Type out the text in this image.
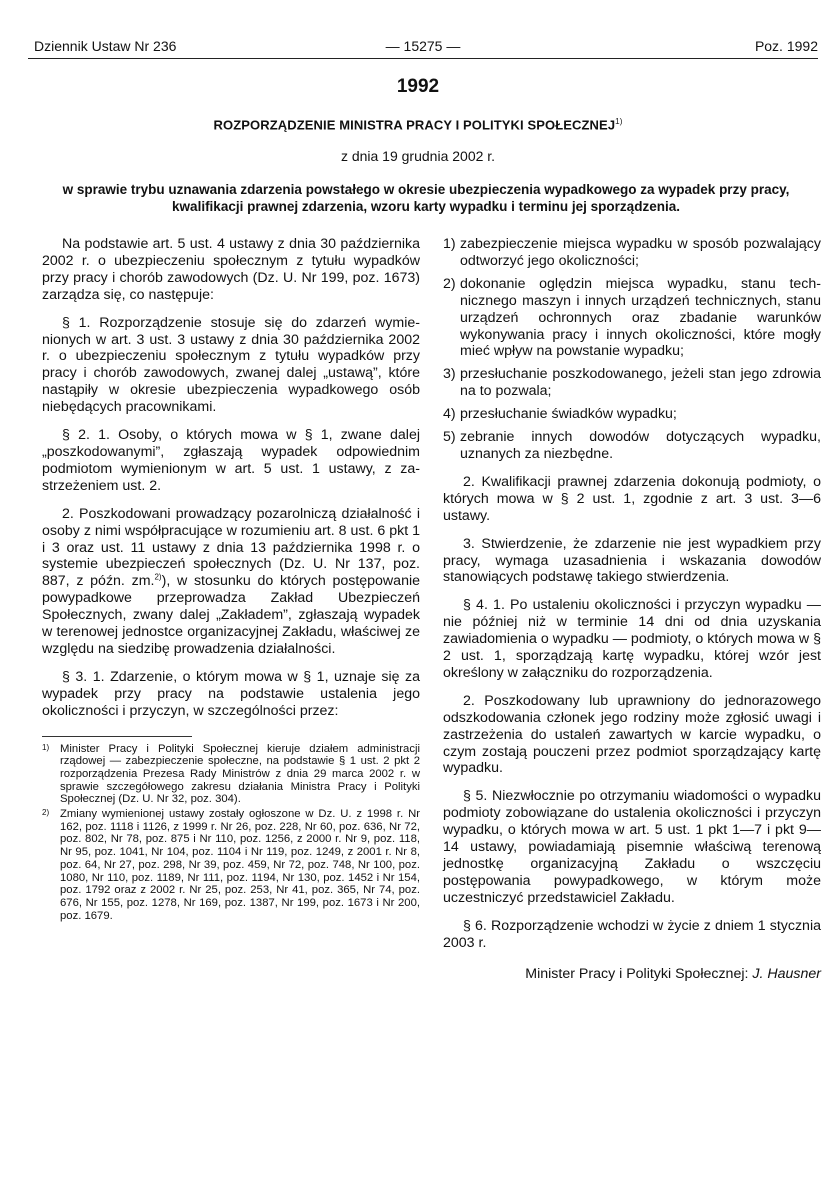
Dziennik Ustaw Nr 236	— 15275 —	Poz. 1992
1992
ROZPORZĄDZENIE MINISTRA PRACY I POLITYKI SPOŁECZNEJ$^{1)}$
z dnia 19 grudnia 2002 r.
w sprawie trybu uznawania zdarzenia powstałego w okresie ubezpieczenia wypadkowego za wypadek przy pracy, kwalifikacji prawnej zdarzenia, wzoru karty wypadku i terminu jej sporządzenia.

Na podstawie art. 5 ust. 4 ustawy z dnia 30 października 2002 r. o ubezpieczeniu społecznym z tytułu wypadków przy pracy i chorób zawodowych (Dz. U. Nr 199, poz. 1673) zarządza się, co następuje:

§ 1. Rozporządzenie stosuje się do zdarzeń wymienionych w art. 3 ust. 3 ustawy z dnia 30 października 2002 r. o ubezpieczeniu społecznym z tytułu wypadków przy pracy i chorób zawodowych, zwanej dalej „ustawą”, które nastąpiły w okresie ubezpieczenia wypadkowego osób niebędących pracownikami.

§ 2. 1. Osoby, o których mowa w § 1, zwane dalej „poszkodowanymi”, zgłaszają wypadek odpowiednim podmiotom wymienionym w art. 5 ust. 1 ustawy, z zastrzeżeniem ust. 2.

2. Poszkodowani prowadzący pozarolniczą działalność i osoby z nimi współpracujące w rozumieniu art. 8 ust. 6 pkt 1 i 3 oraz ust. 11 ustawy z dnia 13 października 1998 r. o systemie ubezpieczeń społecznych (Dz. U. Nr 137, poz. 887, z późn. zm.$^{2)}$), w stosunku do których postępowanie powypadkowe przeprowadza Zakład Ubezpieczeń Społecznych, zwany dalej „Zakładem”, zgłaszają wypadek w terenowej jednostce organizacyjnej Zakładu, właściwej ze względu na siedzibę prowadzenia działalności.

§ 3. 1. Zdarzenie, o którym mowa w § 1, uznaje się za wypadek przy pracy na podstawie ustalenia jego okoliczności i przyczyn, w szczególności przez:

1) Minister Pracy i Polityki Społecznej kieruje działem administracji rządowej — zabezpieczenie społeczne, na podstawie § 1 ust. 2 pkt 2 rozporządzenia Prezesa Rady Ministrów z dnia 29 marca 2002 r. w sprawie szczegółowego zakresu działania Ministra Pracy i Polityki Społecznej (Dz. U. Nr 32, poz. 304).
2) Zmiany wymienionej ustawy zostały ogłoszone w Dz. U. z 1998 r. Nr 162, poz. 1118 i 1126, z 1999 r. Nr 26, poz. 228, Nr 60, poz. 636, Nr 72, poz. 802, Nr 78, poz. 875 i Nr 110, poz. 1256, z 2000 r. Nr 9, poz. 118, Nr 95, poz. 1041, Nr 104, poz. 1104 i Nr 119, poz. 1249, z 2001 r. Nr 8, poz. 64, Nr 27, poz. 298, Nr 39, poz. 459, Nr 72, poz. 748, Nr 100, poz. 1080, Nr 110, poz. 1189, Nr 111, poz. 1194, Nr 130, poz. 1452 i Nr 154, poz. 1792 oraz z 2002 r. Nr 25, poz. 253, Nr 41, poz. 365, Nr 74, poz. 676, Nr 155, poz. 1278, Nr 169, poz. 1387, Nr 199, poz. 1673 i Nr 200, poz. 1679.
1) zabezpieczenie miejsca wypadku w sposób pozwalający odtworzyć jego okoliczności;
2) dokonanie oględzin miejsca wypadku, stanu technicznego maszyn i innych urządzeń technicznych, stanu urządzeń ochronnych oraz zbadanie warunków wykonywania pracy i innych okoliczności, które mogły mieć wpływ na powstanie wypadku;
3) przesłuchanie poszkodowanego, jeżeli stan jego zdrowia na to pozwala;
4) przesłuchanie świadków wypadku;
5) zebranie innych dowodów dotyczących wypadku, uznanych za niezbędne.

2. Kwalifikacji prawnej zdarzenia dokonują podmioty, o których mowa w § 2 ust. 1, zgodnie z art. 3 ust. 3—6 ustawy.

3. Stwierdzenie, że zdarzenie nie jest wypadkiem przy pracy, wymaga uzasadnienia i wskazania dowodów stanowiących podstawę takiego stwierdzenia.

§ 4. 1. Po ustaleniu okoliczności i przyczyn wypadku — nie później niż w terminie 14 dni od dnia uzyskania zawiadomienia o wypadku — podmioty, o których mowa w § 2 ust. 1, sporządzają kartę wypadku, której wzór jest określony w załączniku do rozporządzenia.

2. Poszkodowany lub uprawniony do jednorazowego odszkodowania członek jego rodziny może zgłosić uwagi i zastrzeżenia do ustaleń zawartych w karcie wypadku, o czym zostają pouczeni przez podmiot sporządzający kartę wypadku.

§ 5. Niezwłocznie po otrzymaniu wiadomości o wypadku podmioty zobowiązane do ustalenia okoliczności i przyczyn wypadku, o których mowa w art. 5 ust. 1 pkt 1—7 i pkt 9—14 ustawy, powiadamiają pisemnie właściwą terenową jednostkę organizacyjną Zakładu o wszczęciu postępowania powypadkowego, w którym może uczestniczyć przedstawiciel Zakładu.

§ 6. Rozporządzenie wchodzi w życie z dniem 1 stycznia 2003 r.

Minister Pracy i Polityki Społecznej: J. Hausner
